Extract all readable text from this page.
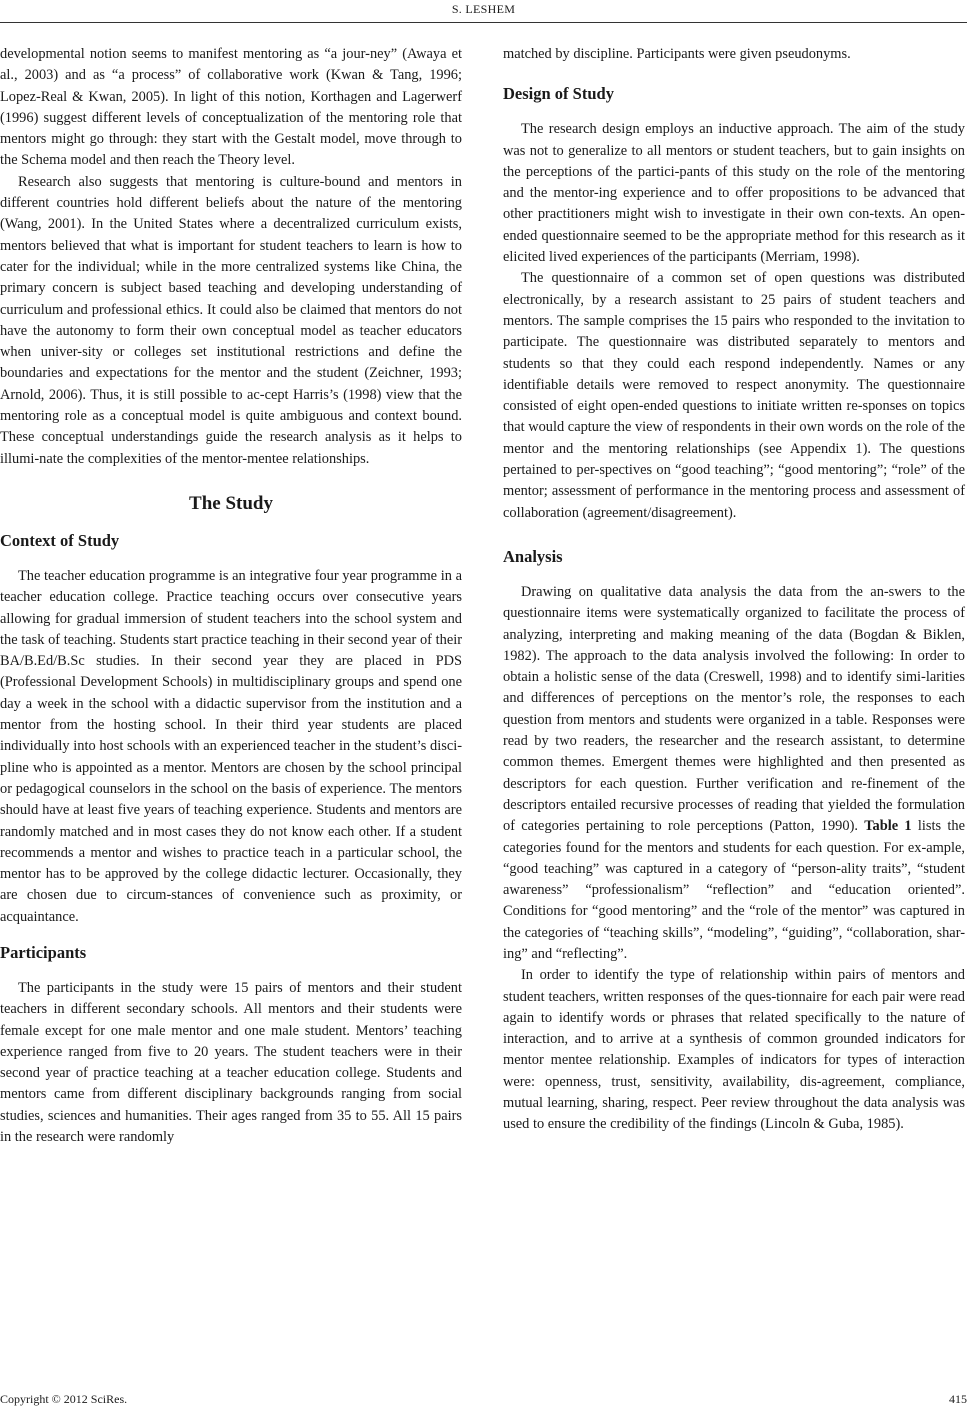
S. LESHEM

developmental notion seems to manifest mentoring as “a jour-ney” (Awaya et al., 2003) and as “a process” of collaborative work (Kwan & Tang, 1996; Lopez-Real & Kwan, 2005). In light of this notion, Korthagen and Lagerwerf (1996) suggest different levels of conceptualization of the mentoring role that mentors might go through: they start with the Gestalt model, move through to the Schema model and then reach the Theory level.

Research also suggests that mentoring is culture-bound and mentors in different countries hold different beliefs about the nature of the mentoring (Wang, 2001). In the United States where a decentralized curriculum exists, mentors believed that what is important for student teachers to learn is how to cater for the individual; while in the more centralized systems like China, the primary concern is subject based teaching and developing understanding of curriculum and professional ethics. It could also be claimed that mentors do not have the autonomy to form their own conceptual model as teacher educators when univer-sity or colleges set institutional restrictions and define the boundaries and expectations for the mentor and the student (Zeichner, 1993; Arnold, 2006). Thus, it is still possible to ac-cept Harris’s (1998) view that the mentoring role as a conceptual model is quite ambiguous and context bound. These conceptual understandings guide the research analysis as it helps to illumi-nate the complexities of the mentor-mentee relationships.

The Study
Context of Study

The teacher education programme is an integrative four year programme in a teacher education college. Practice teaching occurs over consecutive years allowing for gradual immersion of student teachers into the school system and the task of teaching. Students start practice teaching in their second year of their BA/B.Ed/B.Sc studies. In their second year they are placed in PDS (Professional Development Schools) in multidisciplinary groups and spend one day a week in the school with a didactic supervisor from the institution and a mentor from the hosting school. In their third year students are placed individually into host schools with an experienced teacher in the student’s disci-pline who is appointed as a mentor. Mentors are chosen by the school principal or pedagogical counselors in the school on the basis of experience. The mentors should have at least five years of teaching experience. Students and mentors are randomly matched and in most cases they do not know each other. If a student recommends a mentor and wishes to practice teach in a particular school, the mentor has to be approved by the college didactic lecturer. Occasionally, they are chosen due to circum-stances of convenience such as proximity, or acquaintance.

Participants

The participants in the study were 15 pairs of mentors and their student teachers in different secondary schools. All mentors and their students were female except for one male mentor and one male student. Mentors’ teaching experience ranged from five to 20 years. The student teachers were in their second year of practice teaching at a teacher education college. Students and mentors came from different disciplinary backgrounds ranging from social studies, sciences and humanities. Their ages ranged from 35 to 55. All 15 pairs in the research were randomly

matched by discipline. Participants were given pseudonyms.

Design of Study

The research design employs an inductive approach. The aim of the study was not to generalize to all mentors or student teachers, but to gain insights on the perceptions of the partici-pants of this study on the role of the mentoring and the mentor-ing experience and to offer propositions to be advanced that other practitioners might wish to investigate in their own con-texts. An open-ended questionnaire seemed to be the appropriate method for this research as it elicited lived experiences of the participants (Merriam, 1998).

The questionnaire of a common set of open questions was distributed electronically, by a research assistant to 25 pairs of student teachers and mentors. The sample comprises the 15 pairs who responded to the invitation to participate. The questionnaire was distributed separately to mentors and students so that they could each respond independently. Names or any identifiable details were removed to respect anonymity. The questionnaire consisted of eight open-ended questions to initiate written re-sponses on topics that would capture the view of respondents in their own words on the role of the mentor and the mentoring relationships (see Appendix 1). The questions pertained to per-spectives on “good teaching”; “good mentoring”; “role” of the mentor; assessment of performance in the mentoring process and assessment of collaboration (agreement/disagreement).

Analysis

Drawing on qualitative data analysis the data from the an-swers to the questionnaire items were systematically organized to facilitate the process of analyzing, interpreting and making meaning of the data (Bogdan & Biklen, 1982). The approach to the data analysis involved the following: In order to obtain a holistic sense of the data (Creswell, 1998) and to identify simi-larities and differences of perceptions on the mentor’s role, the responses to each question from mentors and students were organized in a table. Responses were read by two readers, the researcher and the research assistant, to determine common themes. Emergent themes were highlighted and then presented as descriptors for each question. Further verification and re-finement of the descriptors entailed recursive processes of reading that yielded the formulation of categories pertaining to role perceptions (Patton, 1990). Table 1 lists the categories found for the mentors and students for each question. For ex-ample, “good teaching” was captured in a category of “person-ality traits”, “student awareness” “professionalism” “reflection” and “education oriented”. Conditions for “good mentoring” and the “role of the mentor” was captured in the categories of “teaching skills”, “modeling”, “guiding”, “collaboration, shar-ing” and “reflecting”.

In order to identify the type of relationship within pairs of mentors and student teachers, written responses of the ques-tionnaire for each pair were read again to identify words or phrases that related specifically to the nature of interaction, and to arrive at a synthesis of common grounded indicators for mentor mentee relationship. Examples of indicators for types of interaction were: openness, trust, sensitivity, availability, dis-agreement, compliance, mutual learning, sharing, respect. Peer review throughout the data analysis was used to ensure the credibility of the findings (Lincoln & Guba, 1985).

Copyright © 2012 SciRes.	415
